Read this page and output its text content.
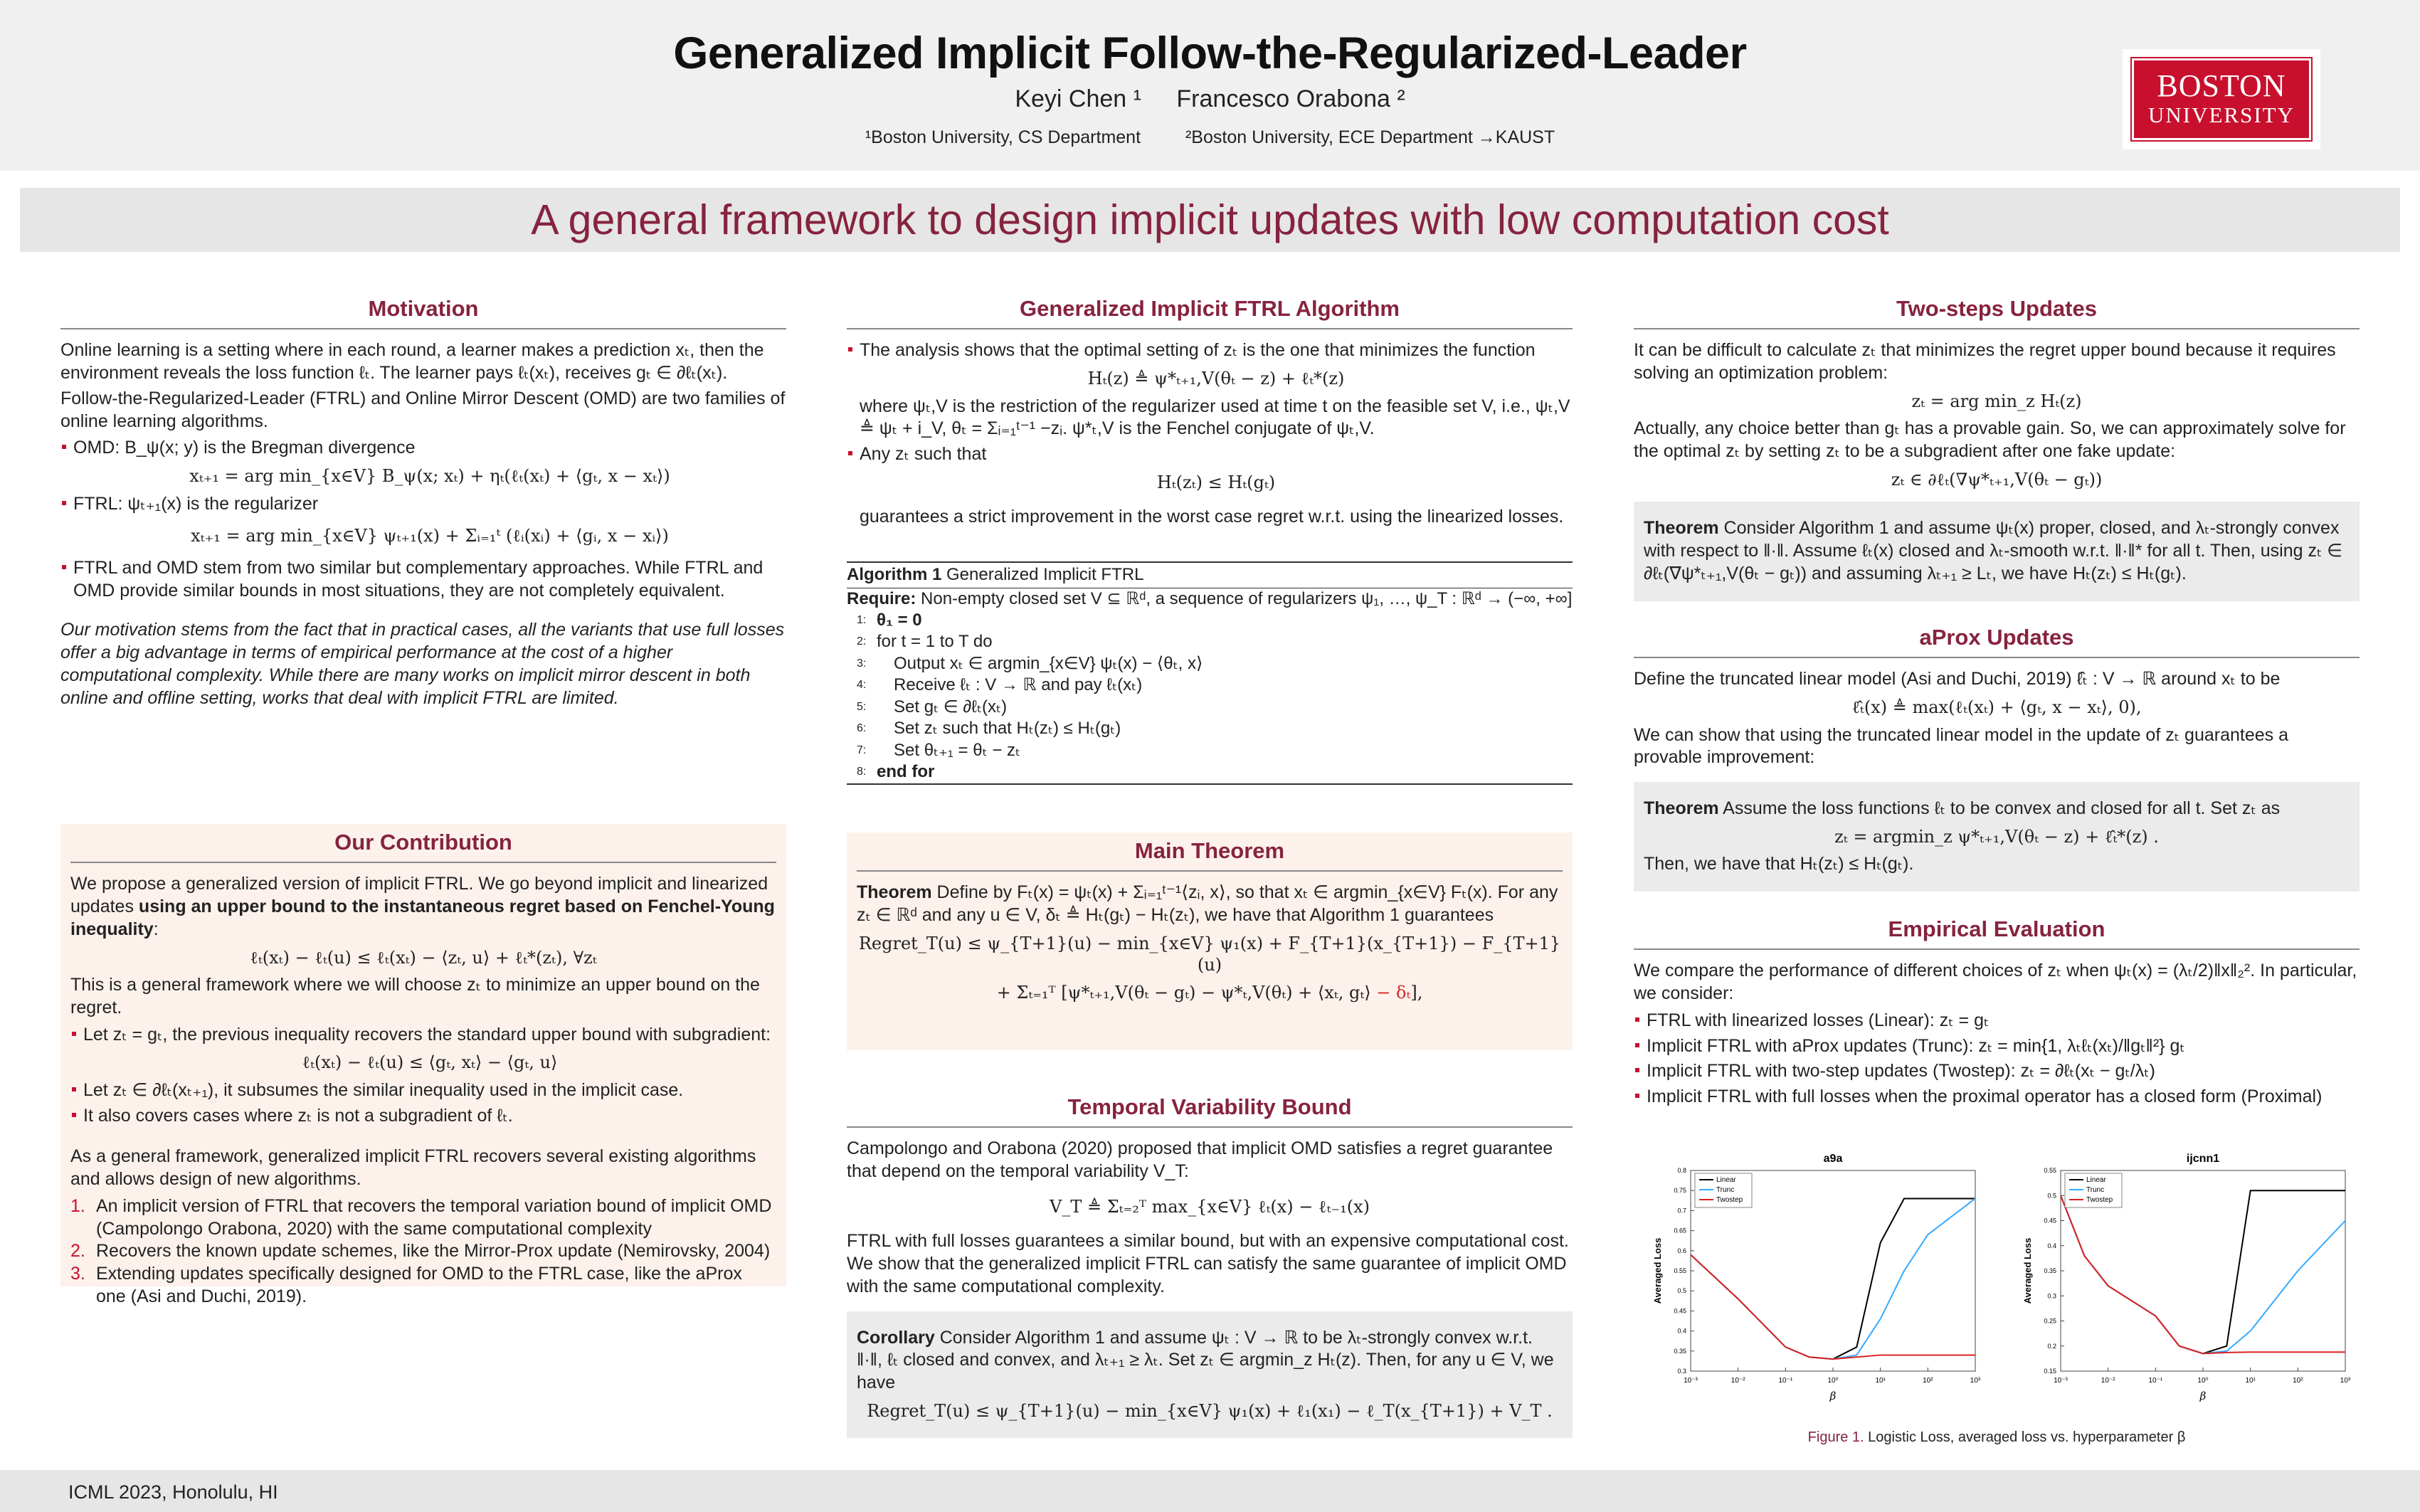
Generalized Implicit Follow-the-Regularized-Leader
Keyi Chen ¹ Francesco Orabona ²
¹Boston University, CS Department	²Boston University, ECE Department →KAUST
BOSTON
UNIVERSITY
A general framework to design implicit updates with low computation cost
Motivation

Online learning is a setting where in each round, a learner makes a prediction xₜ, then the environment reveals the loss function ℓₜ. The learner pays ℓₜ(xₜ), receives gₜ ∈ ∂ℓₜ(xₜ).

Follow-the-Regularized-Leader (FTRL) and Online Mirror Descent (OMD) are two families of online learning algorithms.

OMD: B_ψ(x; y) is the Bregman divergence
xₜ₊₁ = arg min_{x∈V} B_ψ(x; xₜ) + ηₜ(ℓₜ(xₜ) + ⟨gₜ, x − xₜ⟩)
FTRL: ψₜ₊₁(x) is the regularizer
xₜ₊₁ = arg min_{x∈V} ψₜ₊₁(x) + Σᵢ₌₁ᵗ (ℓᵢ(xᵢ) + ⟨gᵢ, x − xᵢ⟩)
FTRL and OMD stem from two similar but complementary approaches. While FTRL and OMD provide similar bounds in most situations, they are not completely equivalent.

Our motivation stems from the fact that in practical cases, all the variants that use full losses offer a big advantage in terms of empirical performance at the cost of a higher computational complexity. While there are many works on implicit mirror descent in both online and offline setting, works that deal with implicit FTRL are limited.

Our Contribution

We propose a generalized version of implicit FTRL. We go beyond implicit and linearized updates using an upper bound to the instantaneous regret based on Fenchel-Young inequality:

ℓₜ(xₜ) − ℓₜ(u) ≤ ℓₜ(xₜ) − ⟨zₜ, u⟩ + ℓₜ*(zₜ), ∀zₜ

This is a general framework where we will choose zₜ to minimize an upper bound on the regret.

Let zₜ = gₜ, the previous inequality recovers the standard upper bound with subgradient:
ℓₜ(xₜ) − ℓₜ(u) ≤ ⟨gₜ, xₜ⟩ − ⟨gₜ, u⟩
Let zₜ ∈ ∂ℓₜ(xₜ₊₁), it subsumes the similar inequality used in the implicit case.
It also covers cases where zₜ is not a subgradient of ℓₜ.

As a general framework, generalized implicit FTRL recovers several existing algorithms and allows design of new algorithms.

1. An implicit version of FTRL that recovers the temporal variation bound of implicit OMD (Campolongo Orabona, 2020) with the same computational complexity
2. Recovers the known update schemes, like the Mirror-Prox update (Nemirovsky, 2004)
3. Extending updates specifically designed for OMD to the FTRL case, like the aProx one (Asi and Duchi, 2019).
Generalized Implicit FTRL Algorithm
The analysis shows that the optimal setting of zₜ is the one that minimizes the function
Hₜ(z) ≜ ψ*ₜ₊₁,V(θₜ − z) + ℓₜ*(z)
where ψₜ,V is the restriction of the regularizer used at time t on the feasible set V, i.e., ψₜ,V ≜ ψₜ + i_V, θₜ = Σᵢ₌₁ᵗ⁻¹ −zᵢ. ψ*ₜ,V is the Fenchel conjugate of ψₜ,V.
Any zₜ such that
Hₜ(zₜ) ≤ Hₜ(gₜ)

guarantees a strict improvement in the worst case regret w.r.t. using the linearized losses.

Algorithm 1 Generalized Implicit FTRL
Require: Non-empty closed set V ⊆ ℝᵈ, a sequence of regularizers ψ₁, …, ψ_T : ℝᵈ → (−∞, +∞]
1: θ₁ = 0
2: for t = 1 to T do
3: Output xₜ ∈ argmin_{x∈V} ψₜ(x) − ⟨θₜ, x⟩
4: Receive ℓₜ : V → ℝ and pay ℓₜ(xₜ)
5: Set gₜ ∈ ∂ℓₜ(xₜ)
6: Set zₜ such that Hₜ(zₜ) ≤ Hₜ(gₜ)
7: Set θₜ₊₁ = θₜ − zₜ
8: end for
Main Theorem

Theorem Define by Fₜ(x) = ψₜ(x) + Σᵢ₌₁ᵗ⁻¹⟨zᵢ, x⟩, so that xₜ ∈ argmin_{x∈V} Fₜ(x). For any zₜ ∈ ℝᵈ and any u ∈ V, δₜ ≜ Hₜ(gₜ) − Hₜ(zₜ), we have that Algorithm 1 guarantees

Regret_T(u) ≤ ψ_{T+1}(u) − min_{x∈V} ψ₁(x) + F_{T+1}(x_{T+1}) − F_{T+1}(u)
+ Σₜ₌₁ᵀ [ψ*ₜ₊₁,V(θₜ − gₜ) − ψ*ₜ,V(θₜ) + ⟨xₜ, gₜ⟩ − δₜ],
Temporal Variability Bound

Campolongo and Orabona (2020) proposed that implicit OMD satisfies a regret guarantee that depend on the temporal variability V_T:

V_T ≜ Σₜ₌₂ᵀ max_{x∈V} ℓₜ(x) − ℓₜ₋₁(x)

FTRL with full losses guarantees a similar bound, but with an expensive computational cost. We show that the generalized implicit FTRL can satisfy the same guarantee of implicit OMD with the same computational complexity.

Corollary Consider Algorithm 1 and assume ψₜ : V → ℝ to be λₜ-strongly convex w.r.t. ‖·‖, ℓₜ closed and convex, and λₜ₊₁ ≥ λₜ. Set zₜ ∈ argmin_z Hₜ(z). Then, for any u ∈ V, we have

Regret_T(u) ≤ ψ_{T+1}(u) − min_{x∈V} ψ₁(x) + ℓ₁(x₁) − ℓ_T(x_{T+1}) + V_T .
Two-steps Updates

It can be difficult to calculate zₜ that minimizes the regret upper bound because it requires solving an optimization problem:

zₜ = arg min_z Hₜ(z)

Actually, any choice better than gₜ has a provable gain. So, we can approximately solve for the optimal zₜ by setting zₜ to be a subgradient after one fake update:

zₜ ∈ ∂ℓₜ(∇ψ*ₜ₊₁,V(θₜ − gₜ))

Theorem Consider Algorithm 1 and assume ψₜ(x) proper, closed, and λₜ-strongly convex with respect to ‖·‖. Assume ℓₜ(x) closed and λₜ-smooth w.r.t. ‖·‖* for all t. Then, using zₜ ∈ ∂ℓₜ(∇ψ*ₜ₊₁,V(θₜ − gₜ)) and assuming λₜ₊₁ ≥ Lₜ, we have Hₜ(zₜ) ≤ Hₜ(gₜ).

aProx Updates

Define the truncated linear model (Asi and Duchi, 2019) ℓ̂ₜ : V → ℝ around xₜ to be

ℓ̂ₜ(x) ≜ max(ℓₜ(xₜ) + ⟨gₜ, x − xₜ⟩, 0),

We can show that using the truncated linear model in the update of zₜ guarantees a provable improvement:

Theorem Assume the loss functions ℓₜ to be convex and closed for all t. Set zₜ as

zₜ = argmin_z ψ*ₜ₊₁,V(θₜ − z) + ℓ̂ₜ*(z) .

Then, we have that Hₜ(zₜ) ≤ Hₜ(gₜ).

Empirical Evaluation

We compare the performance of different choices of zₜ when ψₜ(x) = (λₜ/2)‖x‖₂². In particular, we consider:

FTRL with linearized losses (Linear): zₜ = gₜ
Implicit FTRL with aProx updates (Trunc): zₜ = min{1, λₜℓₜ(xₜ)/‖gₜ‖²} gₜ
Implicit FTRL with two-step updates (Twostep): zₜ = ∂ℓₜ(xₜ − gₜ/λₜ)
Implicit FTRL with full losses when the proximal operator has a closed form (Proximal)
a9a
10⁻³	10⁻²	10⁻¹	10⁰	10¹	10²	10³
0.3
0.35
0.4
0.45
0.5
0.55
0.6
0.65
0.7
0.75
0.8
β
Averaged Loss
Linear
Trunc
Twostep
ijcnn1
10⁻³	10⁻²	10⁻¹	10⁰	10¹	10²	10³
0.15
0.2
0.25
0.3
0.35
0.4
0.45
0.5
0.55
β
Averaged Loss
Linear
Trunc
Twostep
Figure 1. Logistic Loss, averaged loss vs. hyperparameter β
ICML 2023, Honolulu, HI
